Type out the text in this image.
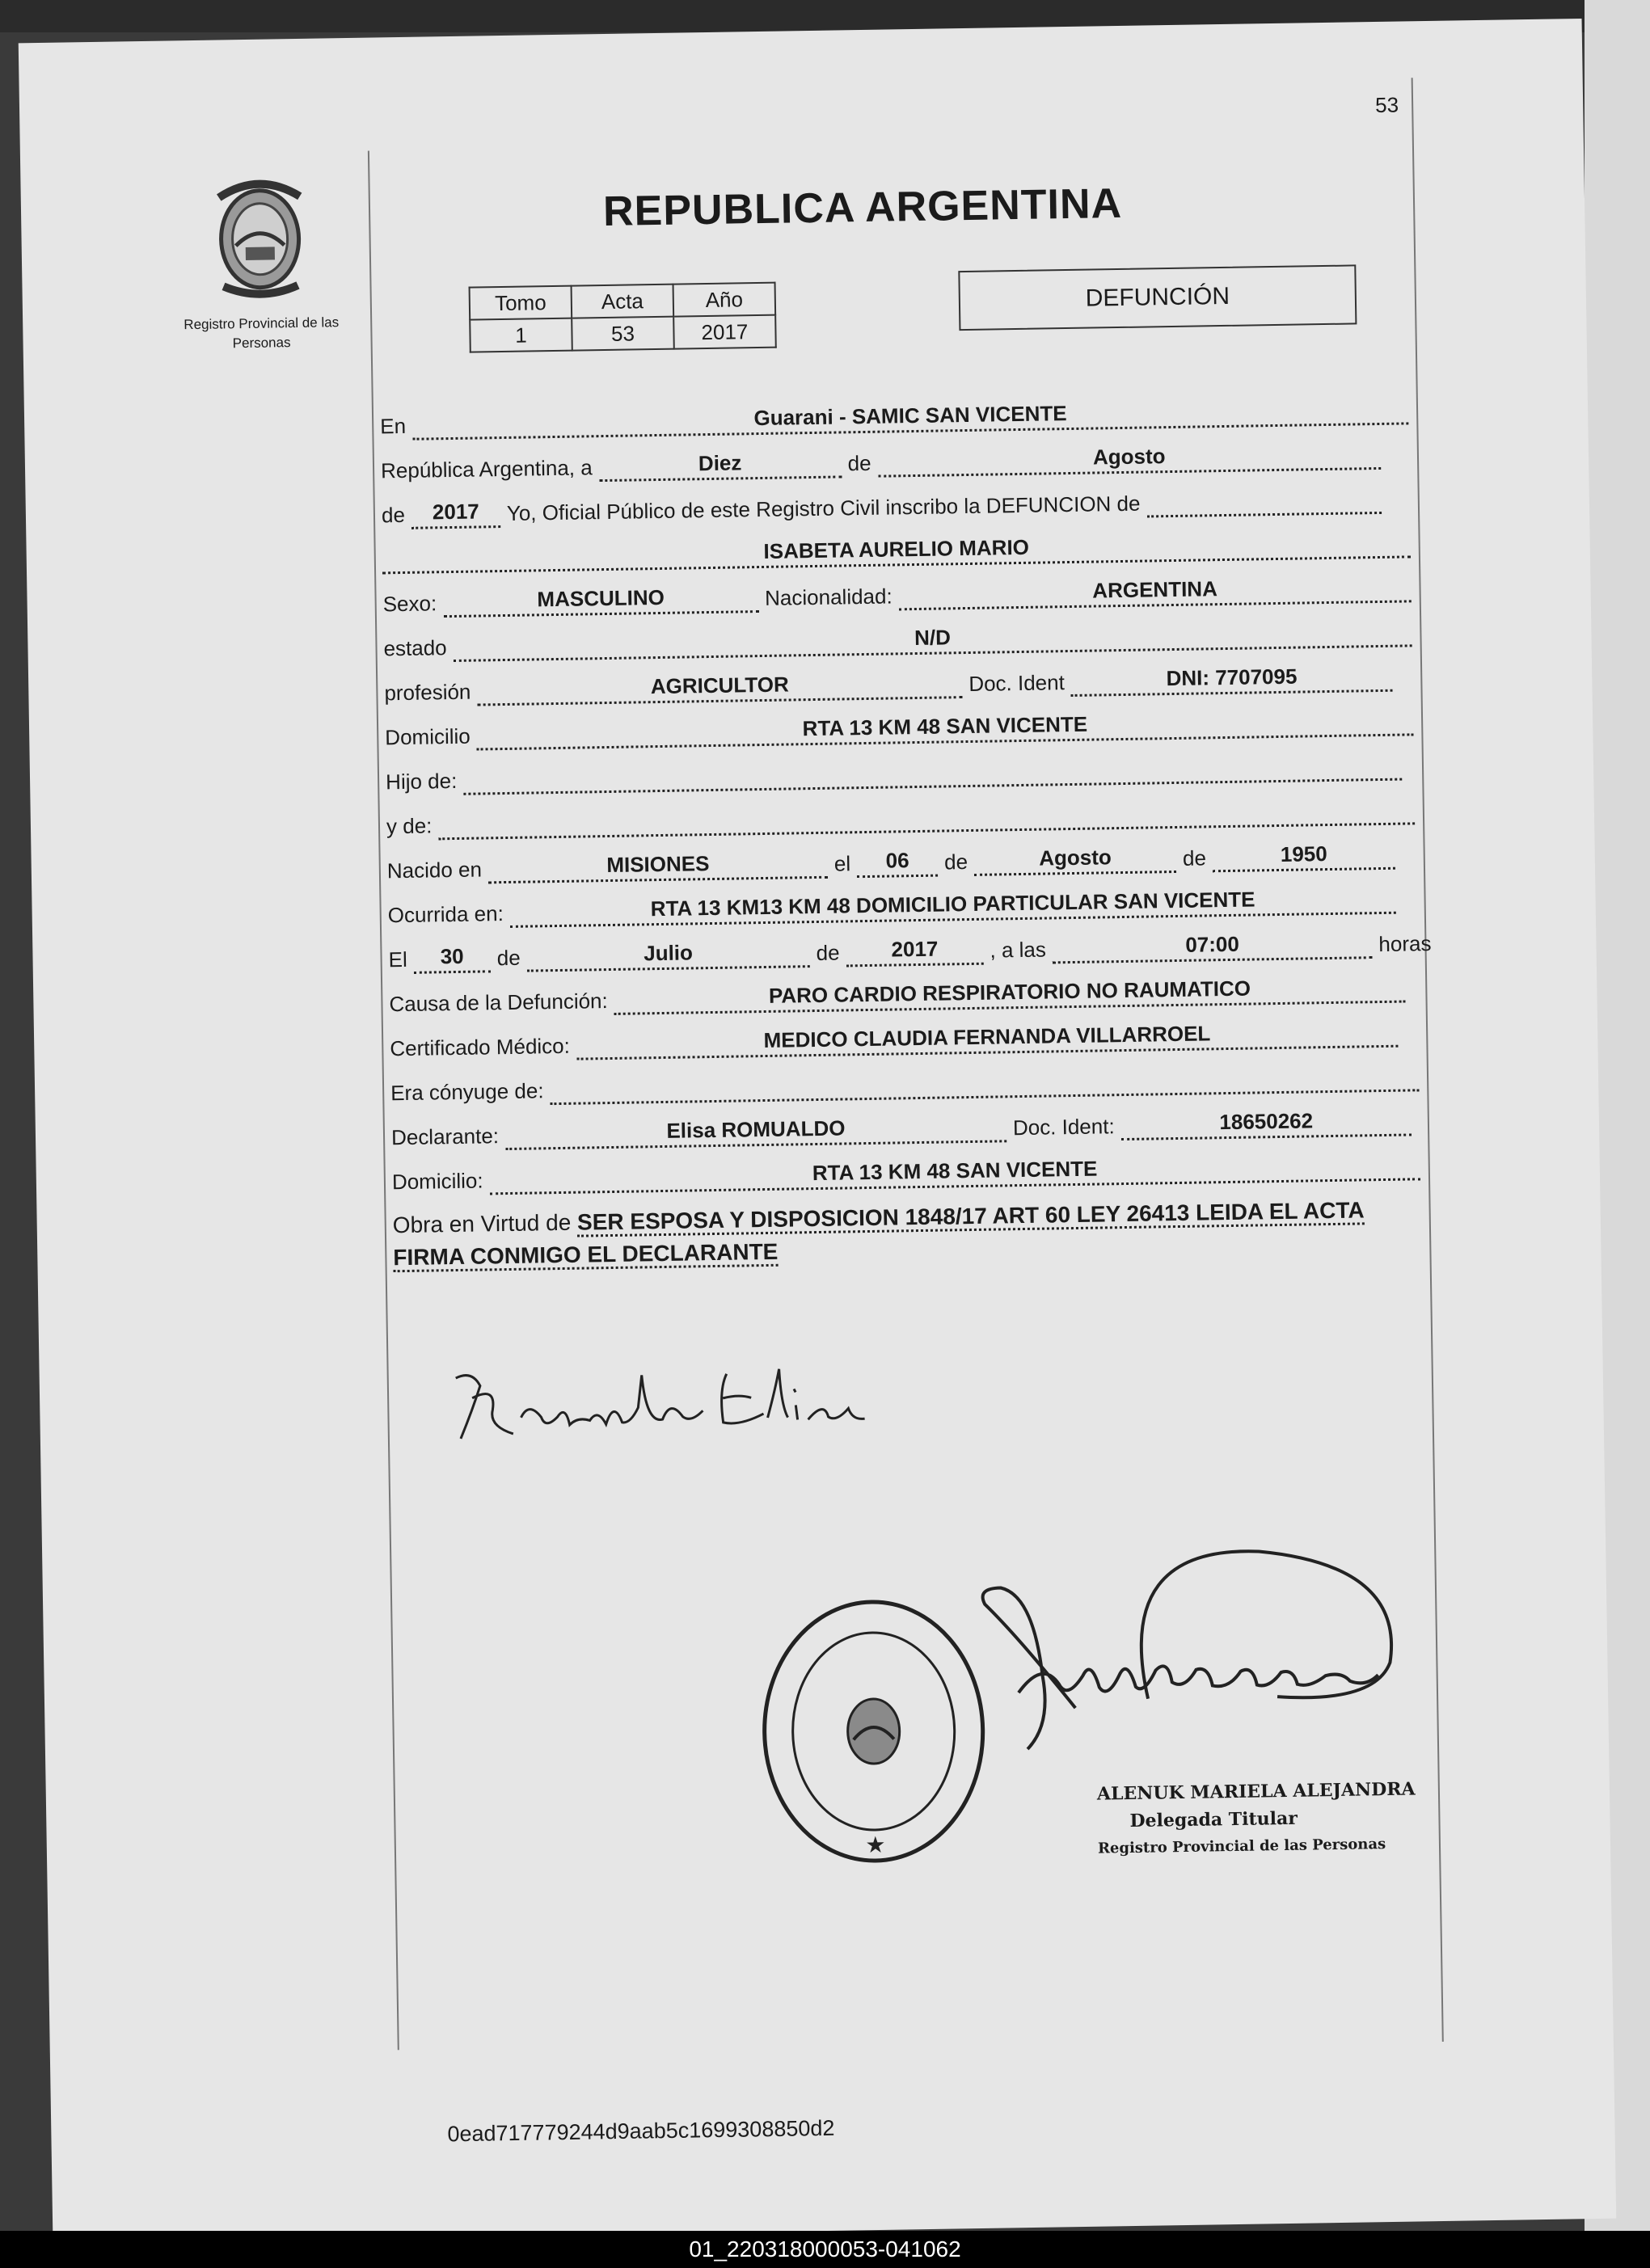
53
Registro Provincial de las Personas
REPUBLICA ARGENTINA
Tomo	Acta	Año
1	53	2017
DEFUNCIÓN
En	Guarani - SAMIC SAN VICENTE
República Argentina, a	Diez	de	Agosto
de	2017	Yo, Oficial Público de este Registro Civil inscribo la DEFUNCION de
ISABETA AURELIO MARIO
Sexo:	MASCULINO	Nacionalidad:	ARGENTINA
estado	N/D
profesión	AGRICULTOR	Doc. Ident	DNI: 7707095
Domicilio	RTA 13 KM 48 SAN VICENTE
Hijo de:
y de:
Nacido en	MISIONES	el	06	de	Agosto	de	1950
Ocurrida en:	RTA 13 KM13 KM 48 DOMICILIO PARTICULAR SAN VICENTE
El	30	de	Julio	de	2017	, a las	07:00	horas
Causa de la Defunción:	PARO CARDIO RESPIRATORIO NO RAUMATICO
Certificado Médico:	MEDICO CLAUDIA FERNANDA VILLARROEL
Era cónyuge de:
Declarante:	Elisa ROMUALDO	Doc. Ident:	18650262
Domicilio:	RTA 13 KM 48 SAN VICENTE
Obra en Virtud de SER ESPOSA Y DISPOSICION 1848/17 ART 60 LEY 26413 LEIDA EL ACTA FIRMA CONMIGO EL DECLARANTE
★
ALENUK MARIELA ALEJANDRA
Delegada Titular
Registro Provincial de las Personas
0ead717779244d9aab5c1699308850d2
01_220318000053-041062
